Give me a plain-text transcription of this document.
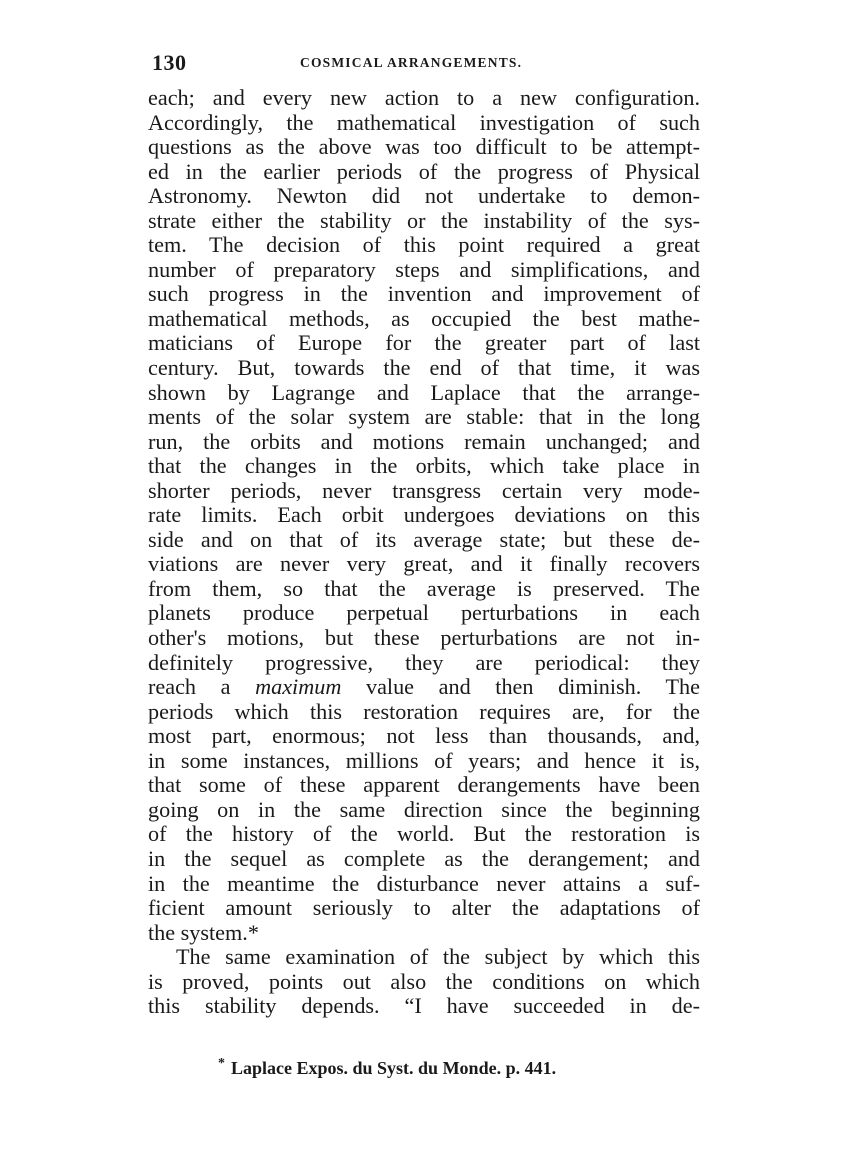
130	COSMICAL ARRANGEMENTS.
each; and every new action to a new configuration.
Accordingly, the mathematical investigation of such
questions as the above was too difficult to be attempt-
ed in the earlier periods of the progress of Physical
Astronomy. Newton did not undertake to demon-
strate either the stability or the instability of the sys-
tem. The decision of this point required a great
number of preparatory steps and simplifications, and
such progress in the invention and improvement of
mathematical methods, as occupied the best mathe-
maticians of Europe for the greater part of last
century. But, towards the end of that time, it was
shown by Lagrange and Laplace that the arrange-
ments of the solar system are stable: that in the long
run, the orbits and motions remain unchanged; and
that the changes in the orbits, which take place in
shorter periods, never transgress certain very mode-
rate limits. Each orbit undergoes deviations on this
side and on that of its average state; but these de-
viations are never very great, and it finally recovers
from them, so that the average is preserved. The
planets produce perpetual perturbations in each
other's motions, but these perturbations are not in-
definitely progressive, they are periodical: they
reach a maximum value and then diminish. The
periods which this restoration requires are, for the
most part, enormous; not less than thousands, and,
in some instances, millions of years; and hence it is,
that some of these apparent derangements have been
going on in the same direction since the beginning
of the history of the world. But the restoration is
in the sequel as complete as the derangement; and
in the meantime the disturbance never attains a suf-
ficient amount seriously to alter the adaptations of
the system.*
The same examination of the subject by which this
is proved, points out also the conditions on which
this stability depends. “I have succeeded in de-
* Laplace Expos. du Syst. du Monde. p. 441.
